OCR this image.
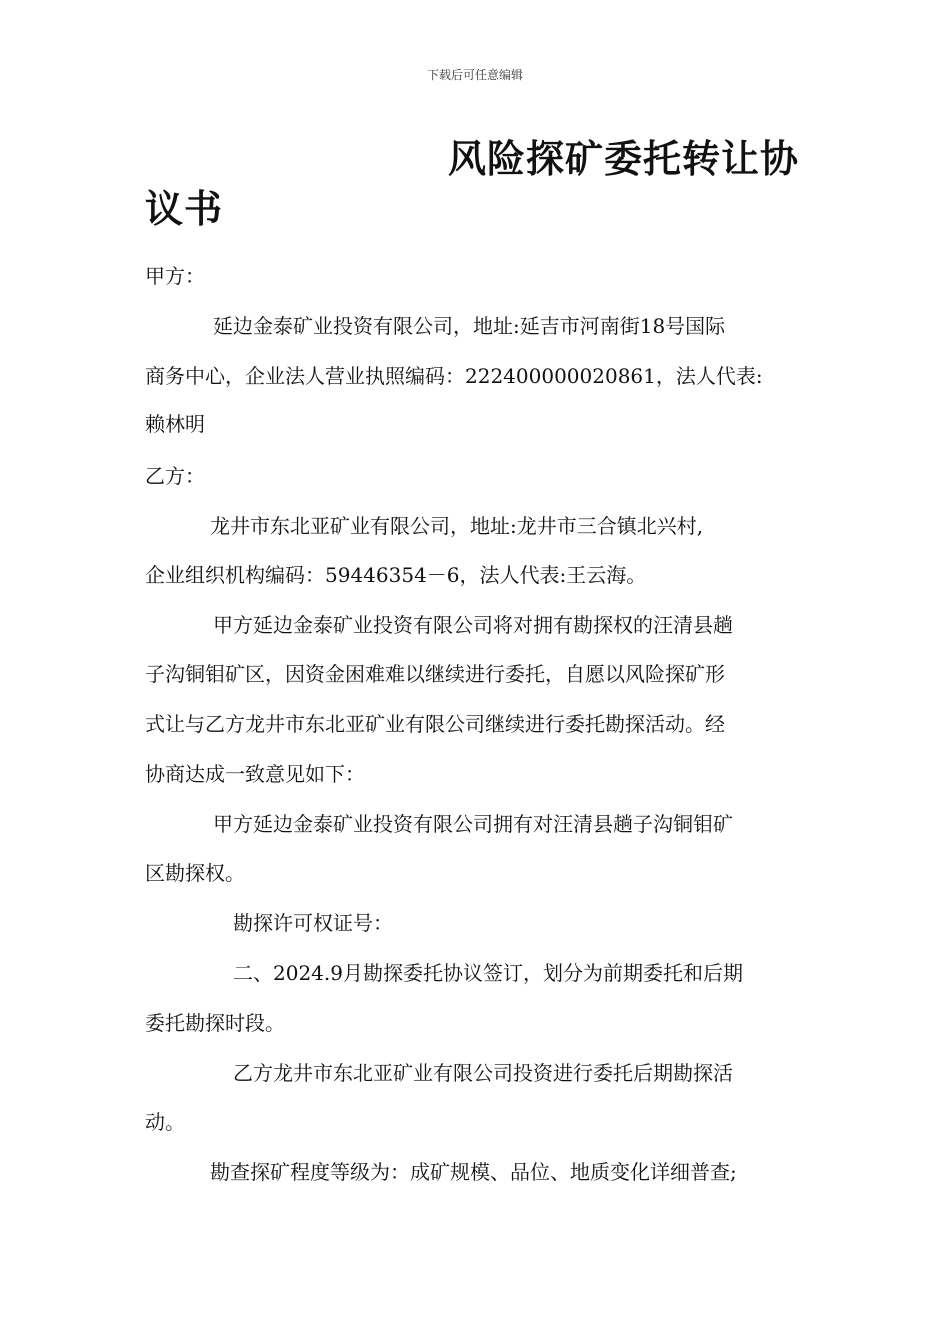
下载后可任意编辑
风险探矿委托转让协
议书
甲方：
延边金泰矿业投资有限公司，地址:延吉市河南街18号国际
商务中心，企业法人营业执照编码：222400000020861，法人代表:
赖林明
乙方：
龙井市东北亚矿业有限公司，地址:龙井市三合镇北兴村,
企业组织机构编码：59446354－6，法人代表:王云海。
甲方延边金泰矿业投资有限公司将对拥有勘探权的汪清县趟
子沟铜钼矿区，因资金困难难以继续进行委托，自愿以风险探矿形
式让与乙方龙井市东北亚矿业有限公司继续进行委托勘探活动。经
协商达成一致意见如下：
甲方延边金泰矿业投资有限公司拥有对汪清县趟子沟铜钼矿
区勘探权。
勘探许可权证号：
二、2024.9月勘探委托协议签订，划分为前期委托和后期
委托勘探时段。
乙方龙井市东北亚矿业有限公司投资进行委托后期勘探活
动。
勘查探矿程度等级为：成矿规模、品位、地质变化详细普查;
